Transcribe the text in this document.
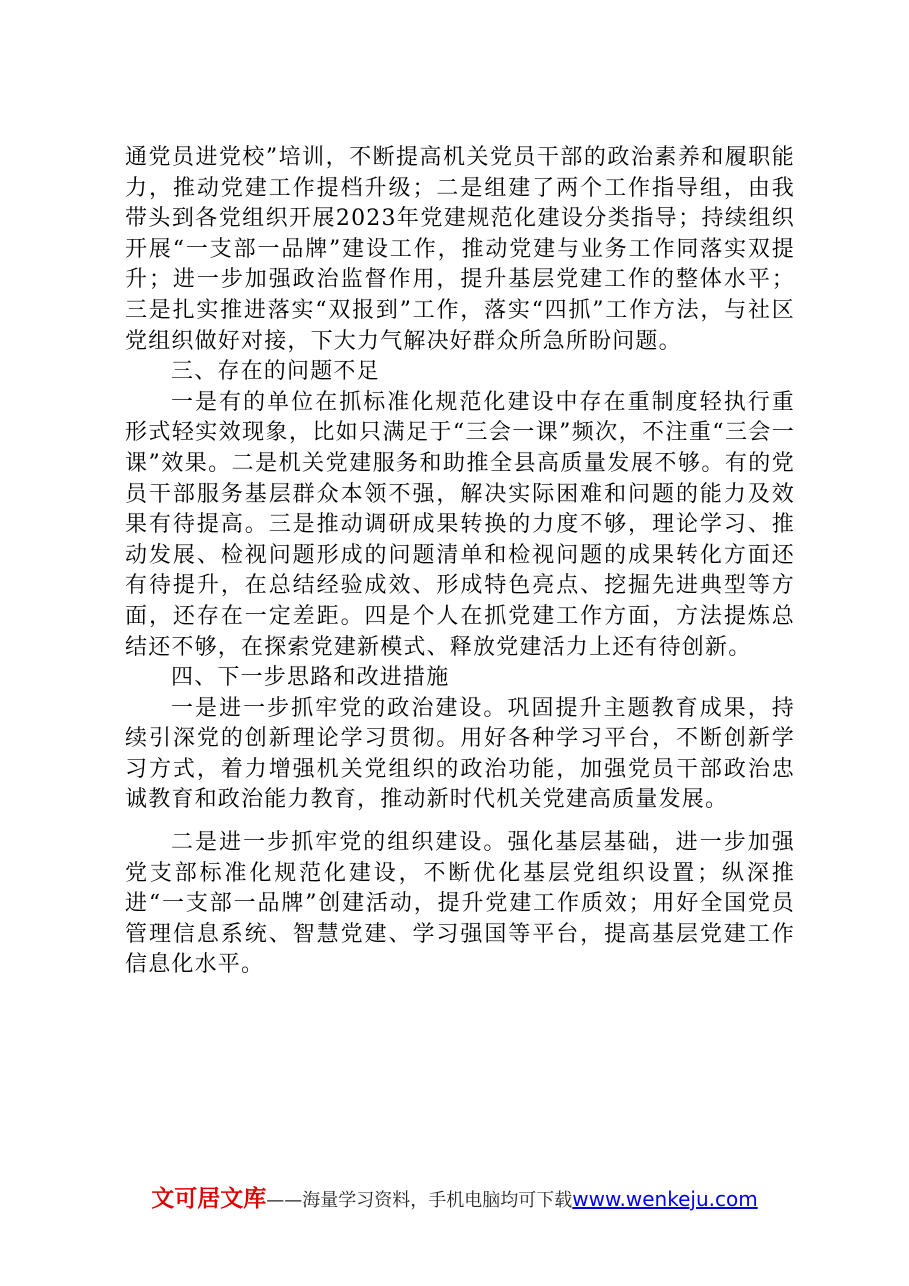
通党员进党校”培训，不断提高机关党员干部的政治素养和履职能力，推动党建工作提档升级；二是组建了两个工作指导组，由我带头到各党组织开展2023年党建规范化建设分类指导；持续组织开展“一支部一品牌”建设工作，推动党建与业务工作同落实双提升；进一步加强政治监督作用，提升基层党建工作的整体水平；三是扎实推进落实“双报到”工作，落实“四抓”工作方法，与社区党组织做好对接，下大力气解决好群众所急所盼问题。

三、存在的问题不足

一是有的单位在抓标准化规范化建设中存在重制度轻执行重形式轻实效现象，比如只满足于“三会一课”频次，不注重“三会一课”效果。二是机关党建服务和助推全县高质量发展不够。有的党员干部服务基层群众本领不强，解决实际困难和问题的能力及效果有待提高。三是推动调研成果转换的力度不够，理论学习、推动发展、检视问题形成的问题清单和检视问题的成果转化方面还有待提升，在总结经验成效、形成特色亮点、挖掘先进典型等方面，还存在一定差距。四是个人在抓党建工作方面，方法提炼总结还不够，在探索党建新模式、释放党建活力上还有待创新。

四、下一步思路和改进措施

一是进一步抓牢党的政治建设。巩固提升主题教育成果，持续引深党的创新理论学习贯彻。用好各种学习平台，不断创新学习方式，着力增强机关党组织的政治功能，加强党员干部政治忠诚教育和政治能力教育，推动新时代机关党建高质量发展。

二是进一步抓牢党的组织建设。强化基层基础，进一步加强党支部标准化规范化建设，不断优化基层党组织设置；纵深推进“一支部一品牌”创建活动，提升党建工作质效；用好全国党员管理信息系统、智慧党建、学习强国等平台，提高基层党建工作信息化水平。

文可居文库——海量学习资料，手机电脑均可下载www.wenkeju.com
